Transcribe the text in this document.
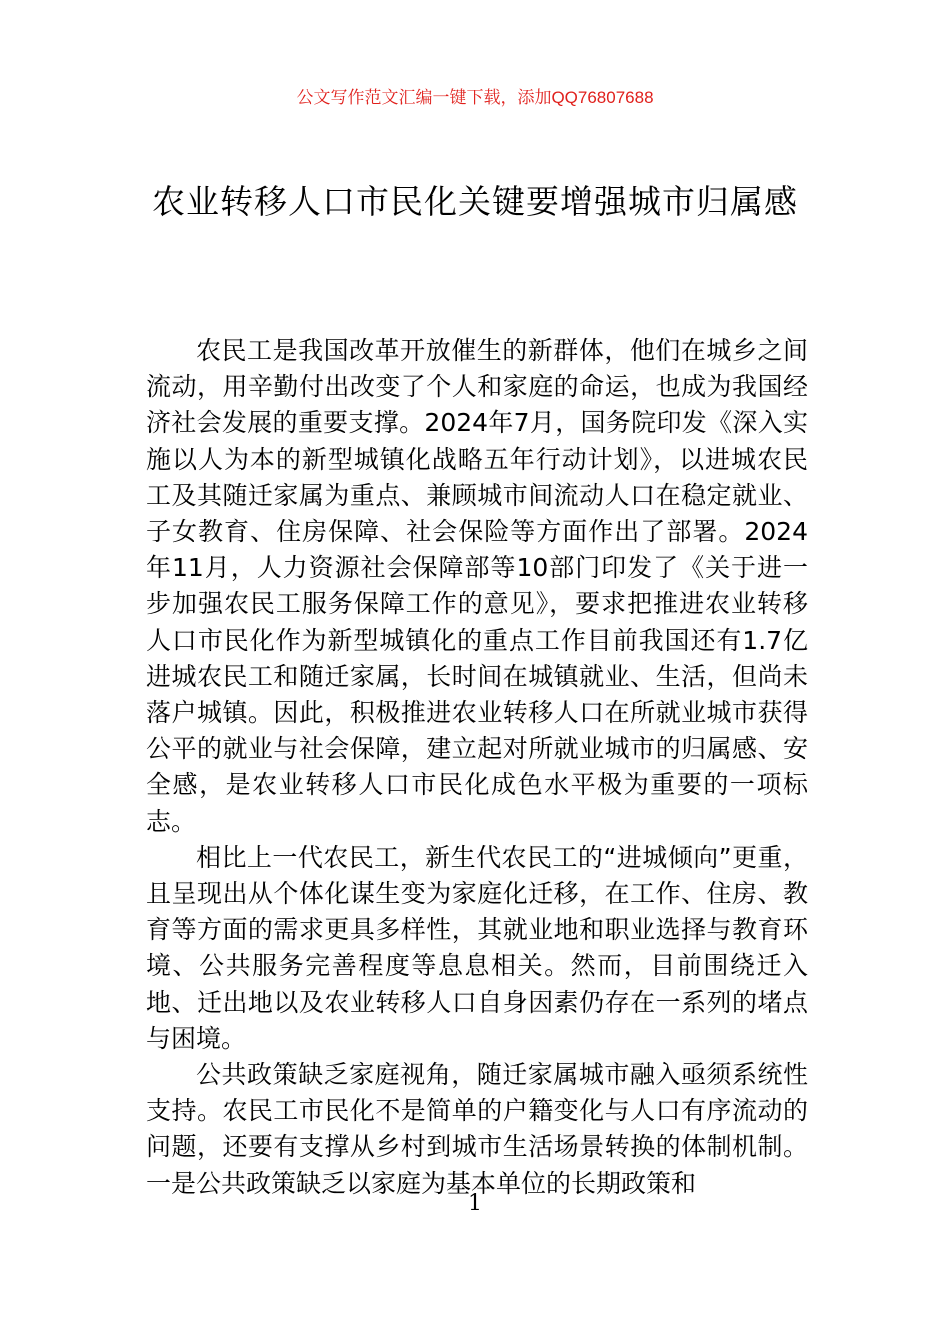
公文写作范文汇编一键下载，添加QQ76807688
农业转移人口市民化关键要增强城市归属感

农民工是我国改革开放催生的新群体，他们在城乡之间流动，用辛勤付出改变了个人和家庭的命运，也成为我国经济社会发展的重要支撑。2024年7月，国务院印发《深入实施以人为本的新型城镇化战略五年行动计划》，以进城农民工及其随迁家属为重点、兼顾城市间流动人口在稳定就业、子女教育、住房保障、社会保险等方面作出了部署。2024年11月，人力资源社会保障部等10部门印发了《关于进一步加强农民工服务保障工作的意见》，要求把推进农业转移人口市民化作为新型城镇化的重点工作目前我国还有1.7亿进城农民工和随迁家属，长时间在城镇就业、生活，但尚未落户城镇。因此，积极推进农业转移人口在所就业城市获得公平的就业与社会保障，建立起对所就业城市的归属感、安全感，是农业转移人口市民化成色水平极为重要的一项标志。

相比上一代农民工，新生代农民工的“进城倾向”更重，且呈现出从个体化谋生变为家庭化迁移，在工作、住房、教育等方面的需求更具多样性，其就业地和职业选择与教育环境、公共服务完善程度等息息相关。然而，目前围绕迁入地、迁出地以及农业转移人口自身因素仍存在一系列的堵点与困境。

公共政策缺乏家庭视角，随迁家属城市融入亟须系统性支持。农民工市民化不是简单的户籍变化与人口有序流动的问题，还要有支撑从乡村到城市生活场景转换的体制机制。一是公共政策缺乏以家庭为基本单位的长期政策和

1
